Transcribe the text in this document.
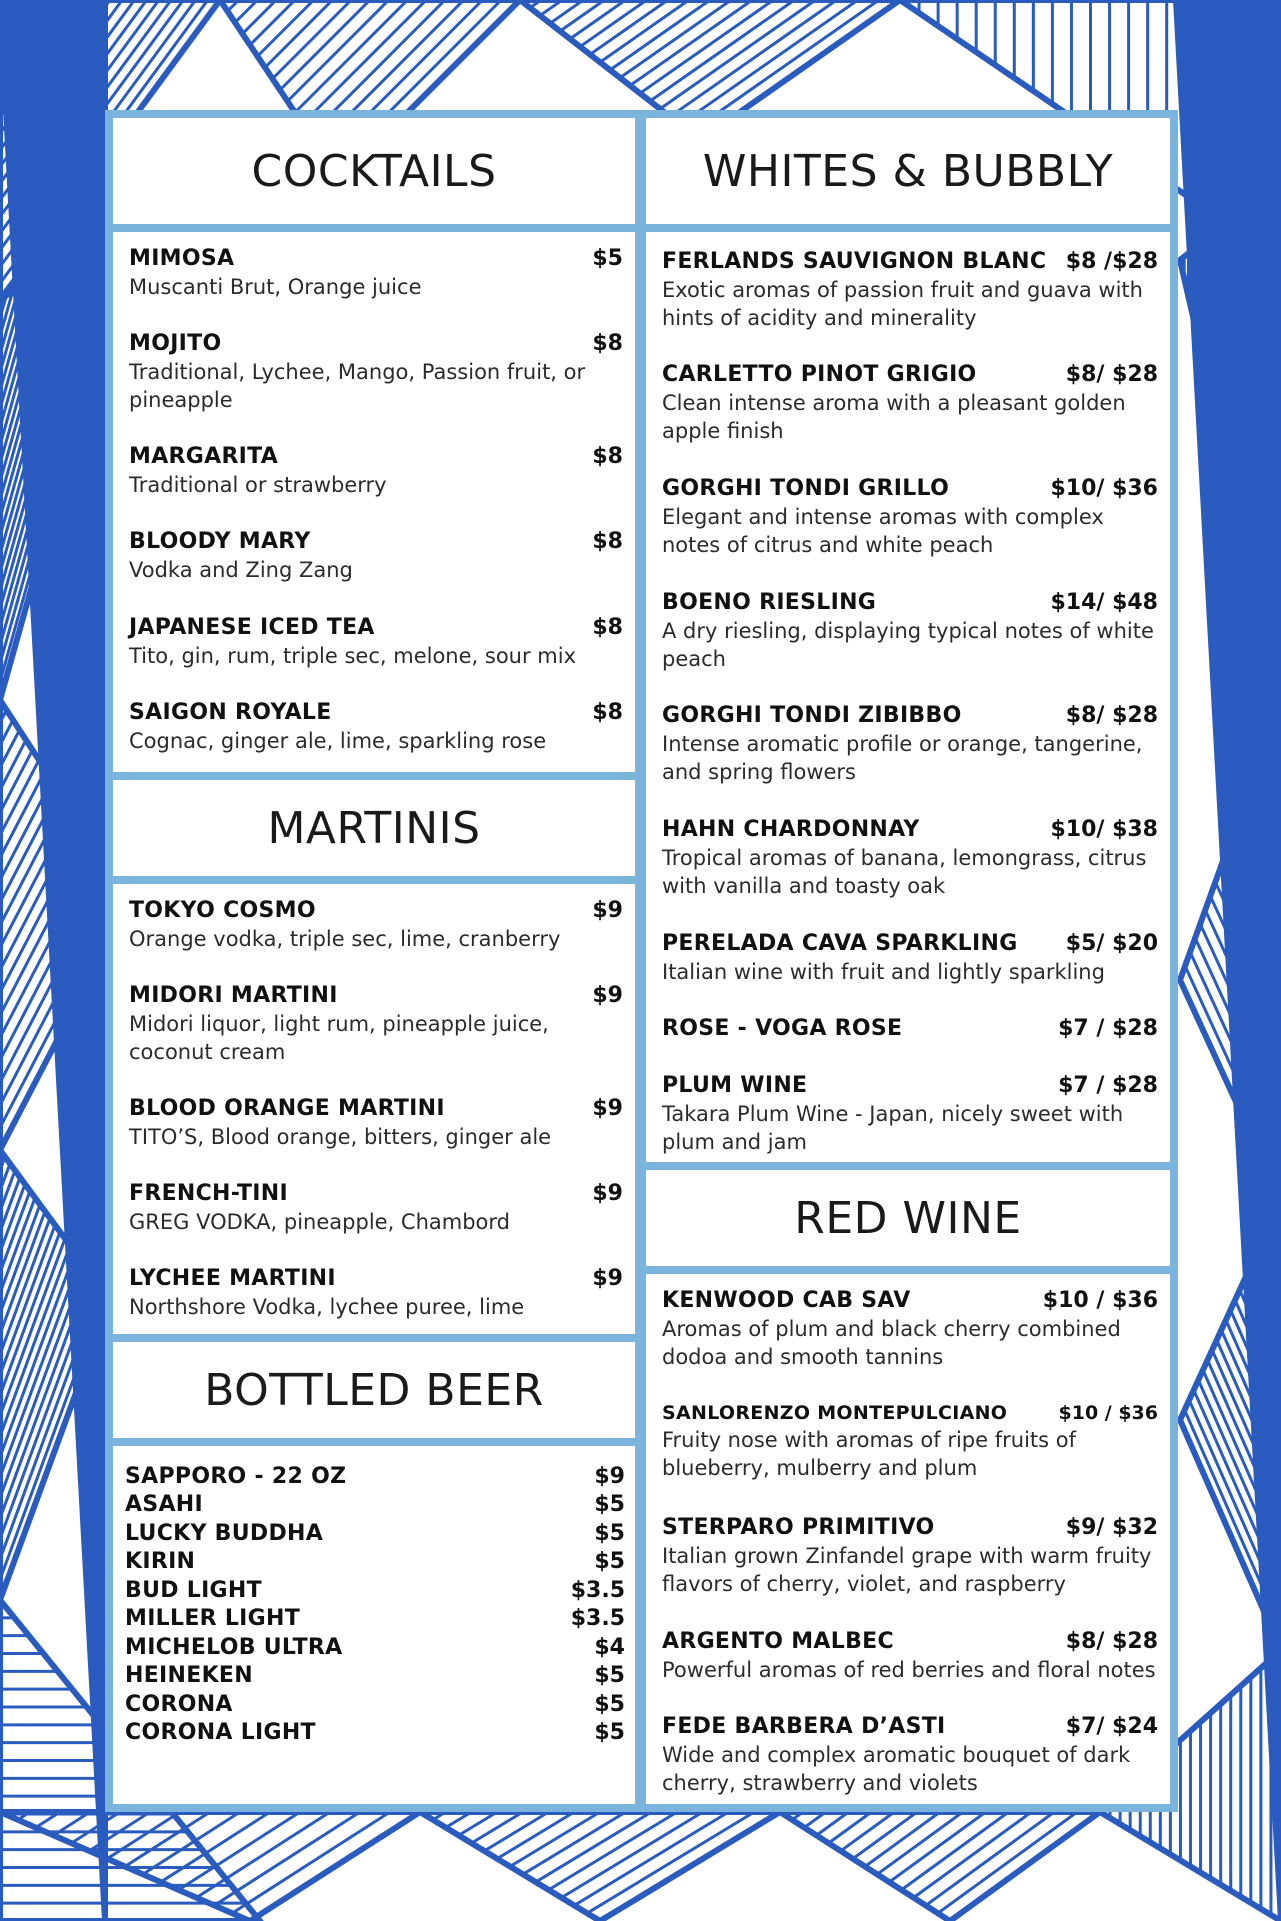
COCKTAILS
MIMOSA	$5
Muscanti Brut, Orange juice
MOJITO	$8
Traditional, Lychee, Mango, Passion fruit, or pineapple
MARGARITA	$8
Traditional or strawberry
BLOODY MARY	$8
Vodka and Zing Zang
JAPANESE ICED TEA	$8
Tito, gin, rum, triple sec, melone, sour mix
SAIGON ROYALE	$8
Cognac, ginger ale, lime, sparkling rose
MARTINIS
TOKYO COSMO	$9
Orange vodka, triple sec, lime, cranberry
MIDORI MARTINI	$9
Midori liquor, light rum, pineapple juice, coconut cream
BLOOD ORANGE MARTINI	$9
TITO’S, Blood orange, bitters, ginger ale
FRENCH-TINI	$9
GREG VODKA, pineapple, Chambord
LYCHEE MARTINI	$9
Northshore Vodka, lychee puree, lime
BOTTLED BEER
SAPPORO - 22 OZ	$9
ASAHI	$5
LUCKY BUDDHA	$5
KIRIN	$5
BUD LIGHT	$3.5
MILLER LIGHT	$3.5
MICHELOB ULTRA	$4
HEINEKEN	$5
CORONA	$5
CORONA LIGHT	$5
WHITES & BUBBLY
FERLANDS SAUVIGNON BLANC $8 /$28
Exotic aromas of passion fruit and guava with hints of acidity and minerality
CARLETTO PINOT GRIGIO	$8/ $28
Clean intense aroma with a pleasant golden apple finish
GORGHI TONDI GRILLO	$10/ $36
Elegant and intense aromas with complex notes of citrus and white peach
BOENO RIESLING	$14/ $48
A dry riesling, displaying typical notes of white peach
GORGHI TONDI ZIBIBBO	$8/ $28
Intense aromatic profile or orange, tangerine, and spring flowers
HAHN CHARDONNAY	$10/ $38
Tropical aromas of banana, lemongrass, citrus with vanilla and toasty oak
PERELADA CAVA SPARKLING $5/ $20
Italian wine with fruit and lightly sparkling
ROSE - VOGA ROSE	$7 / $28
PLUM WINE	$7 / $28
Takara Plum Wine - Japan, nicely sweet with plum and jam
RED WINE
KENWOOD CAB SAV	$10 / $36
Aromas of plum and black cherry combined dodoa and smooth tannins
SANLORENZO MONTEPULCIANO	$10 / $36
Fruity nose with aromas of ripe fruits of blueberry, mulberry and plum
STERPARO PRIMITIVO	$9/ $32
Italian grown Zinfandel grape with warm fruity flavors of cherry, violet, and raspberry
ARGENTO MALBEC	$8/ $28
Powerful aromas of red berries and floral notes
FEDE BARBERA D’ASTI	$7/ $24
Wide and complex aromatic bouquet of dark cherry, strawberry and violets
